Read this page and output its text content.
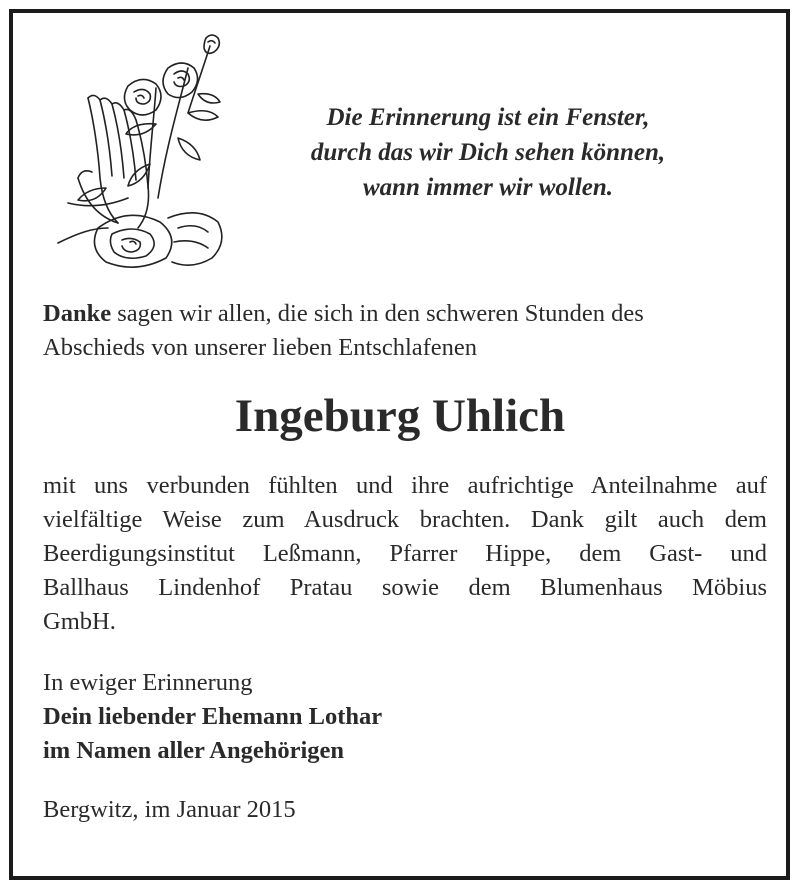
Die Erinnerung ist ein Fenster,
durch das wir Dich sehen können,
wann immer wir wollen.
Danke sagen wir allen, die sich in den schweren Stunden des
Abschieds von unserer lieben Entschlafenen
Ingeburg Uhlich
mit uns verbunden fühlten und ihre aufrichtige Anteilnahme auf
vielfältige Weise zum Ausdruck brachten. Dank gilt auch dem
Beerdigungsinstitut Leßmann, Pfarrer Hippe, dem Gast- und
Ballhaus Lindenhof Pratau sowie dem Blumenhaus Möbius
GmbH.
In ewiger Erinnerung
Dein liebender Ehemann Lothar
im Namen aller Angehörigen
Bergwitz, im Januar 2015
